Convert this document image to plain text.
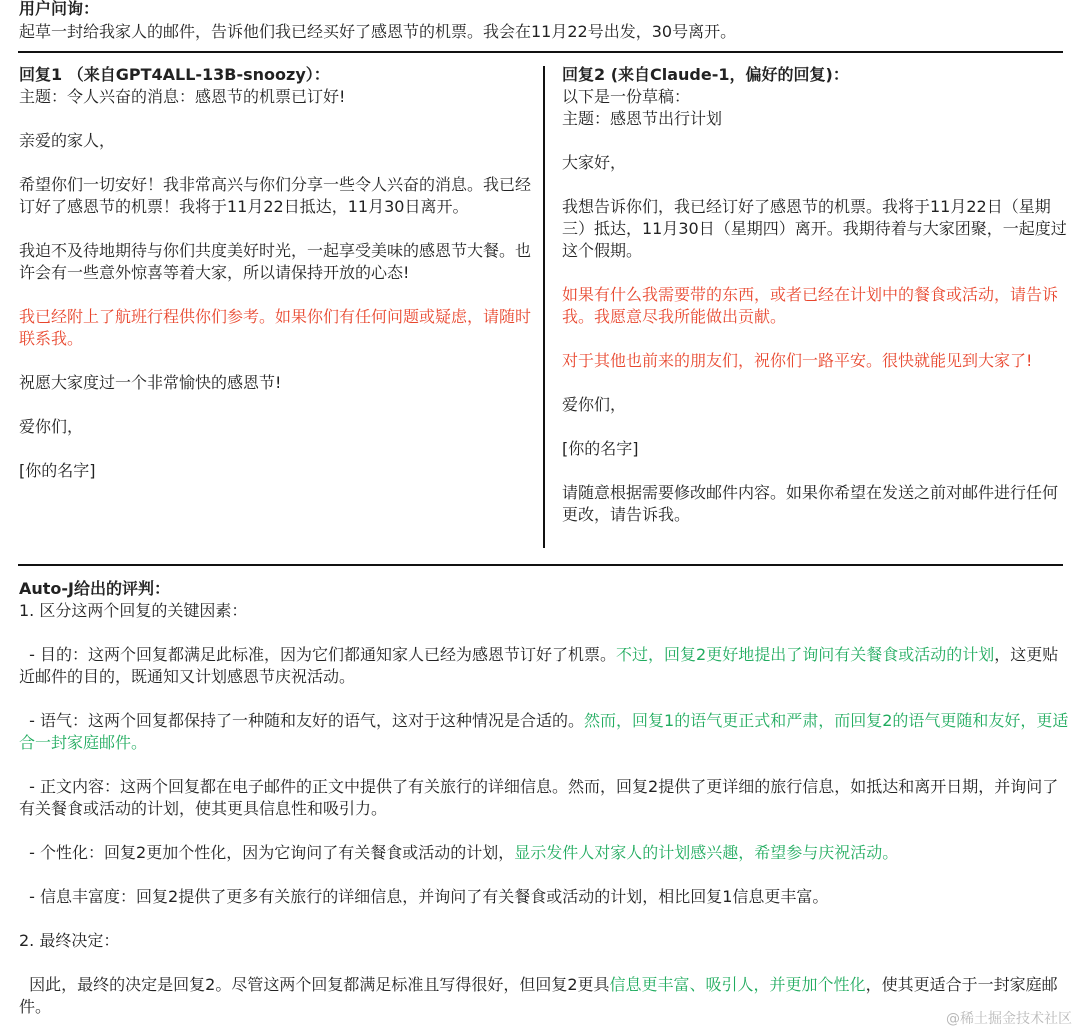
用户问询：
起草一封给我家人的邮件，告诉他们我已经买好了感恩节的机票。我会在11月22号出发，30号离开。

回复1 （来自GPT4ALL-13B-snoozy）：

主题：令人兴奋的消息：感恩节的机票已订好!

亲爱的家人，

希望你们一切安好！我非常高兴与你们分享一些令人兴奋的消息。我已经订好了感恩节的机票！我将于11月22日抵达，11月30日离开。

我迫不及待地期待与你们共度美好时光，一起享受美味的感恩节大餐。也许会有一些意外惊喜等着大家，所以请保持开放的心态!

我已经附上了航班行程供你们参考。如果你们有任何问题或疑虑，请随时联系我。

祝愿大家度过一个非常愉快的感恩节!

爱你们，

[你的名字]

回复2 (来自Claude-1，偏好的回复)：

以下是一份草稿：

主题：感恩节出行计划

大家好，

我想告诉你们，我已经订好了感恩节的机票。我将于11月22日（星期三）抵达，11月30日（星期四）离开。我期待着与大家团聚，一起度过这个假期。

如果有什么我需要带的东西，或者已经在计划中的餐食或活动，请告诉我。我愿意尽我所能做出贡献。

对于其他也前来的朋友们，祝你们一路平安。很快就能见到大家了!

爱你们，

[你的名字]

请随意根据需要修改邮件内容。如果你希望在发送之前对邮件进行任何更改，请告诉我。

Auto-J给出的评判：

1. 区分这两个回复的关键因素：

- 目的：这两个回复都满足此标准，因为它们都通知家人已经为感恩节订好了机票。不过，回复2更好地提出了询问有关餐食或活动的计划，这更贴近邮件的目的，既通知又计划感恩节庆祝活动。

- 语气：这两个回复都保持了一种随和友好的语气，这对于这种情况是合适的。然而，回复1的语气更正式和严肃，而回复2的语气更随和友好，更适合一封家庭邮件。

- 正文内容：这两个回复都在电子邮件的正文中提供了有关旅行的详细信息。然而，回复2提供了更详细的旅行信息，如抵达和离开日期，并询问了有关餐食或活动的计划，使其更具信息性和吸引力。

- 个性化：回复2更加个性化，因为它询问了有关餐食或活动的计划，显示发件人对家人的计划感兴趣，希望参与庆祝活动。

- 信息丰富度：回复2提供了更多有关旅行的详细信息，并询问了有关餐食或活动的计划，相比回复1信息更丰富。

2. 最终决定：

因此，最终的决定是回复2。尽管这两个回复都满足标准且写得很好，但回复2更具信息更丰富、吸引人，并更加个性化，使其更适合于一封家庭邮件。

@稀土掘金技术社区
